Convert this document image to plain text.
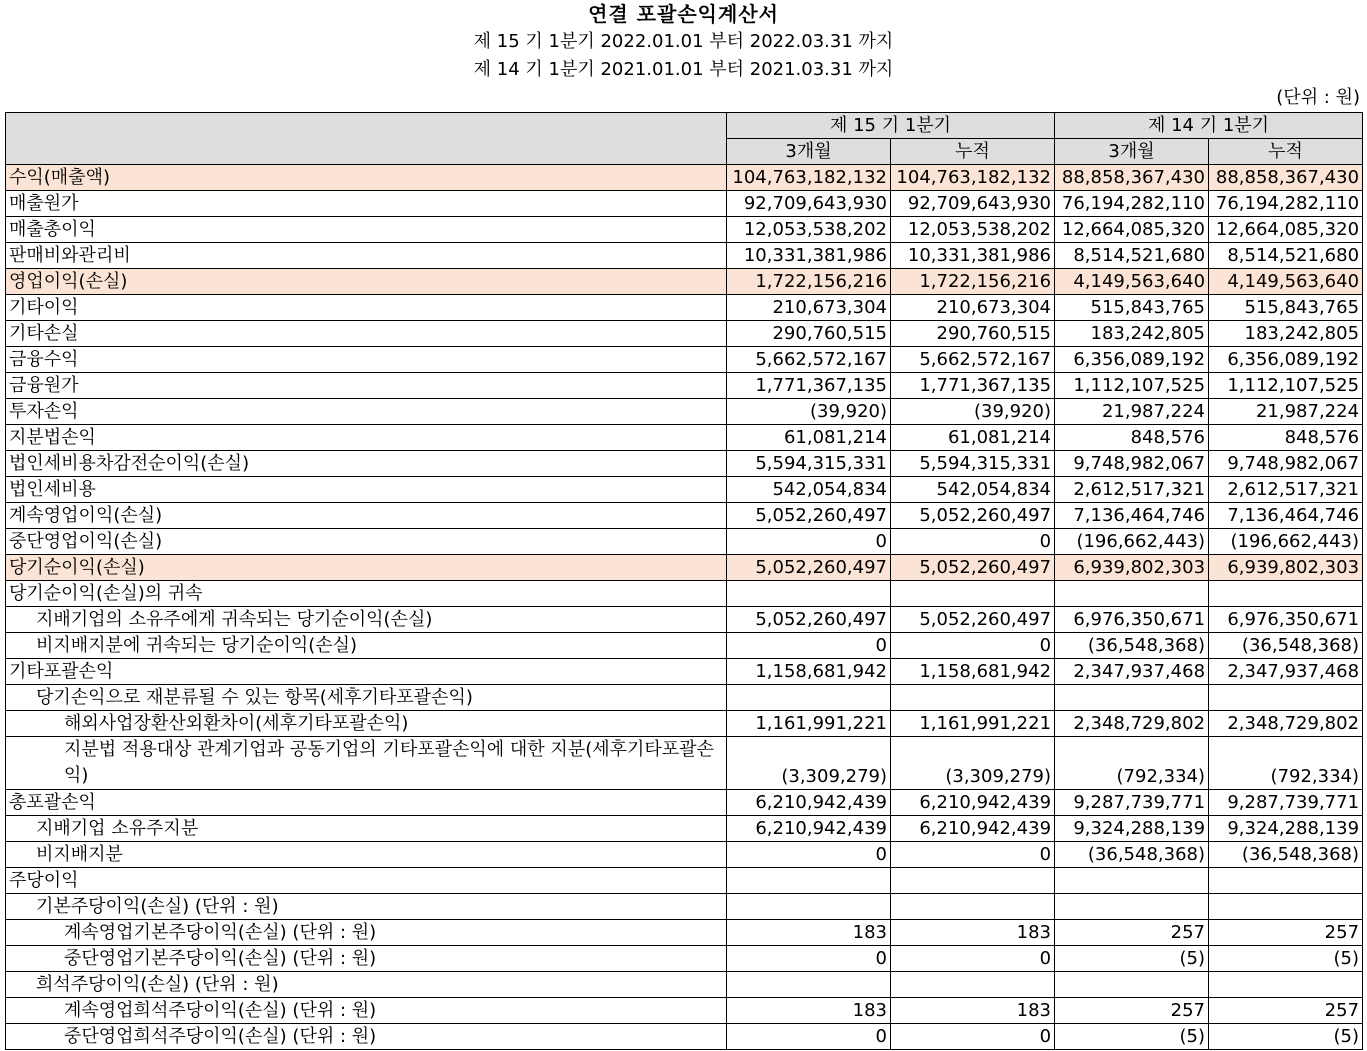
연결 포괄손익계산서
제 15 기 1분기 2022.01.01 부터 2022.03.31 까지
제 14 기 1분기 2021.01.01 부터 2021.03.31 까지
(단위 : 원)
	제 15 기 1분기		제 14 기 1분기	
	3개월	누적	3개월	누적
수익(매출액)	104,763,182,132	104,763,182,132	88,858,367,430	88,858,367,430
매출원가	92,709,643,930	92,709,643,930	76,194,282,110	76,194,282,110
매출총이익	12,053,538,202	12,053,538,202	12,664,085,320	12,664,085,320
판매비와관리비	10,331,381,986	10,331,381,986	8,514,521,680	8,514,521,680
영업이익(손실)	1,722,156,216	1,722,156,216	4,149,563,640	4,149,563,640
기타이익	210,673,304	210,673,304	515,843,765	515,843,765
기타손실	290,760,515	290,760,515	183,242,805	183,242,805
금융수익	5,662,572,167	5,662,572,167	6,356,089,192	6,356,089,192
금융원가	1,771,367,135	1,771,367,135	1,112,107,525	1,112,107,525
투자손익	(39,920)	(39,920)	21,987,224	21,987,224
지분법손익	61,081,214	61,081,214	848,576	848,576
법인세비용차감전순이익(손실)	5,594,315,331	5,594,315,331	9,748,982,067	9,748,982,067
법인세비용	542,054,834	542,054,834	2,612,517,321	2,612,517,321
계속영업이익(손실)	5,052,260,497	5,052,260,497	7,136,464,746	7,136,464,746
중단영업이익(손실)	0	0	(196,662,443)	(196,662,443)
당기순이익(손실)	5,052,260,497	5,052,260,497	6,939,802,303	6,939,802,303
당기순이익(손실)의 귀속				
지배기업의 소유주에게 귀속되는 당기순이익(손실)	5,052,260,497	5,052,260,497	6,976,350,671	6,976,350,671
비지배지분에 귀속되는 당기순이익(손실)	0	0	(36,548,368)	(36,548,368)
기타포괄손익	1,158,681,942	1,158,681,942	2,347,937,468	2,347,937,468
당기손익으로 재분류될 수 있는 항목(세후기타포괄손익)				
해외사업장환산외환차이(세후기타포괄손익)	1,161,991,221	1,161,991,221	2,348,729,802	2,348,729,802
지분법 적용대상 관계기업과 공동기업의 기타포괄손익에 대한 지분(세후기타포괄손익)	(3,309,279)	(3,309,279)	(792,334)	(792,334)
총포괄손익	6,210,942,439	6,210,942,439	9,287,739,771	9,287,739,771
지배기업 소유주지분	6,210,942,439	6,210,942,439	9,324,288,139	9,324,288,139
비지배지분	0	0	(36,548,368)	(36,548,368)
주당이익				
기본주당이익(손실) (단위 : 원)				
계속영업기본주당이익(손실) (단위 : 원)	183	183	257	257
중단영업기본주당이익(손실) (단위 : 원)	0	0	(5)	(5)
희석주당이익(손실) (단위 : 원)				
계속영업희석주당이익(손실) (단위 : 원)	183	183	257	257
중단영업희석주당이익(손실) (단위 : 원)	0	0	(5)	(5)
